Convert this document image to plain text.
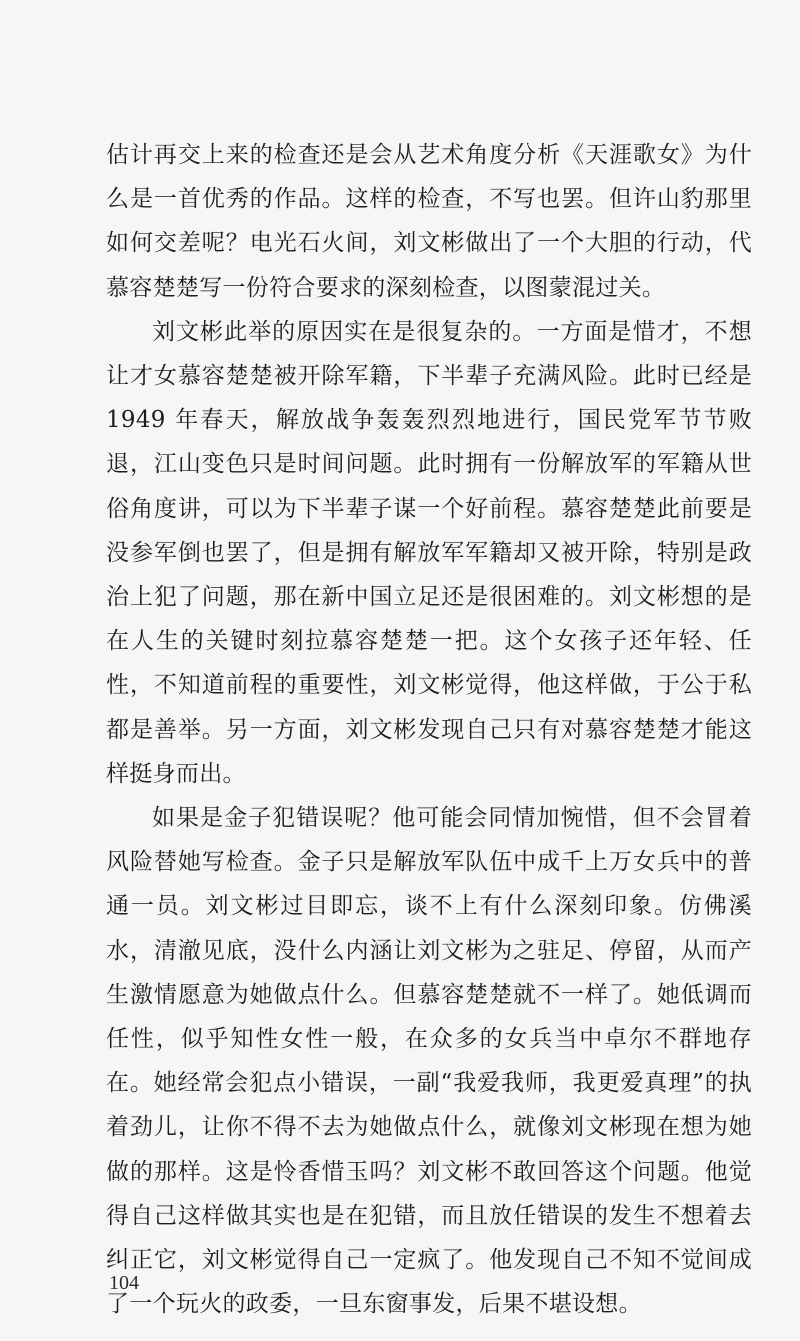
估计再交上来的检查还是会从艺术角度分析《天涯歌女》为什么是一首优秀的作品。这样的检查，不写也罢。但许山豹那里如何交差呢？电光石火间，刘文彬做出了一个大胆的行动，代慕容楚楚写一份符合要求的深刻检查，以图蒙混过关。

刘文彬此举的原因实在是很复杂的。一方面是惜才，不想让才女慕容楚楚被开除军籍，下半辈子充满风险。此时已经是 1949 年春天，解放战争轰轰烈烈地进行，国民党军节节败退，江山变色只是时间问题。此时拥有一份解放军的军籍从世俗角度讲，可以为下半辈子谋一个好前程。慕容楚楚此前要是没参军倒也罢了，但是拥有解放军军籍却又被开除，特别是政治上犯了问题，那在新中国立足还是很困难的。刘文彬想的是在人生的关键时刻拉慕容楚楚一把。这个女孩子还年轻、任性，不知道前程的重要性，刘文彬觉得，他这样做，于公于私都是善举。另一方面，刘文彬发现自己只有对慕容楚楚才能这样挺身而出。

如果是金子犯错误呢？他可能会同情加惋惜，但不会冒着风险替她写检查。金子只是解放军队伍中成千上万女兵中的普通一员。刘文彬过目即忘，谈不上有什么深刻印象。仿佛溪水，清澈见底，没什么内涵让刘文彬为之驻足、停留，从而产生激情愿意为她做点什么。但慕容楚楚就不一样了。她低调而任性，似乎知性女性一般，在众多的女兵当中卓尔不群地存在。她经常会犯点小错误，一副“我爱我师，我更爱真理”的执着劲儿，让你不得不去为她做点什么，就像刘文彬现在想为她做的那样。这是怜香惜玉吗？刘文彬不敢回答这个问题。他觉得自己这样做其实也是在犯错，而且放任错误的发生不想着去纠正它，刘文彬觉得自己一定疯了。他发现自己不知不觉间成了一个玩火的政委，一旦东窗事发，后果不堪设想。

104
